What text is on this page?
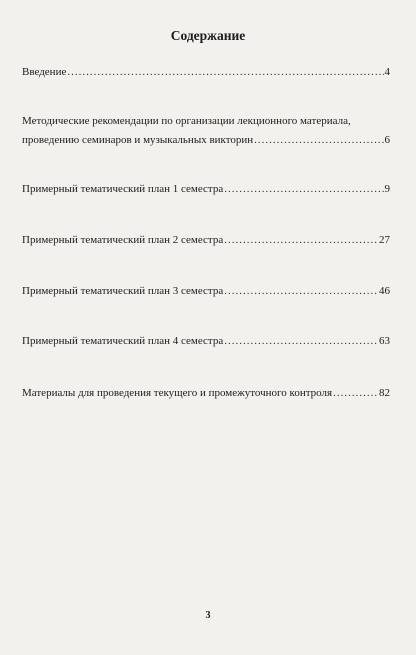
Содержание
Введение .....	4
Методические рекомендации по организации лекционного материала,
проведению семинаров и музыкальных викторин .....	6
Примерный тематический план 1 семестра .....	9
Примерный тематический план 2 семестра .....	27
Примерный тематический план 3 семестра .....	46
Примерный тематический план 4 семестра .....	63
Материалы для проведения текущего и промежуточного контроля .....	82
3
